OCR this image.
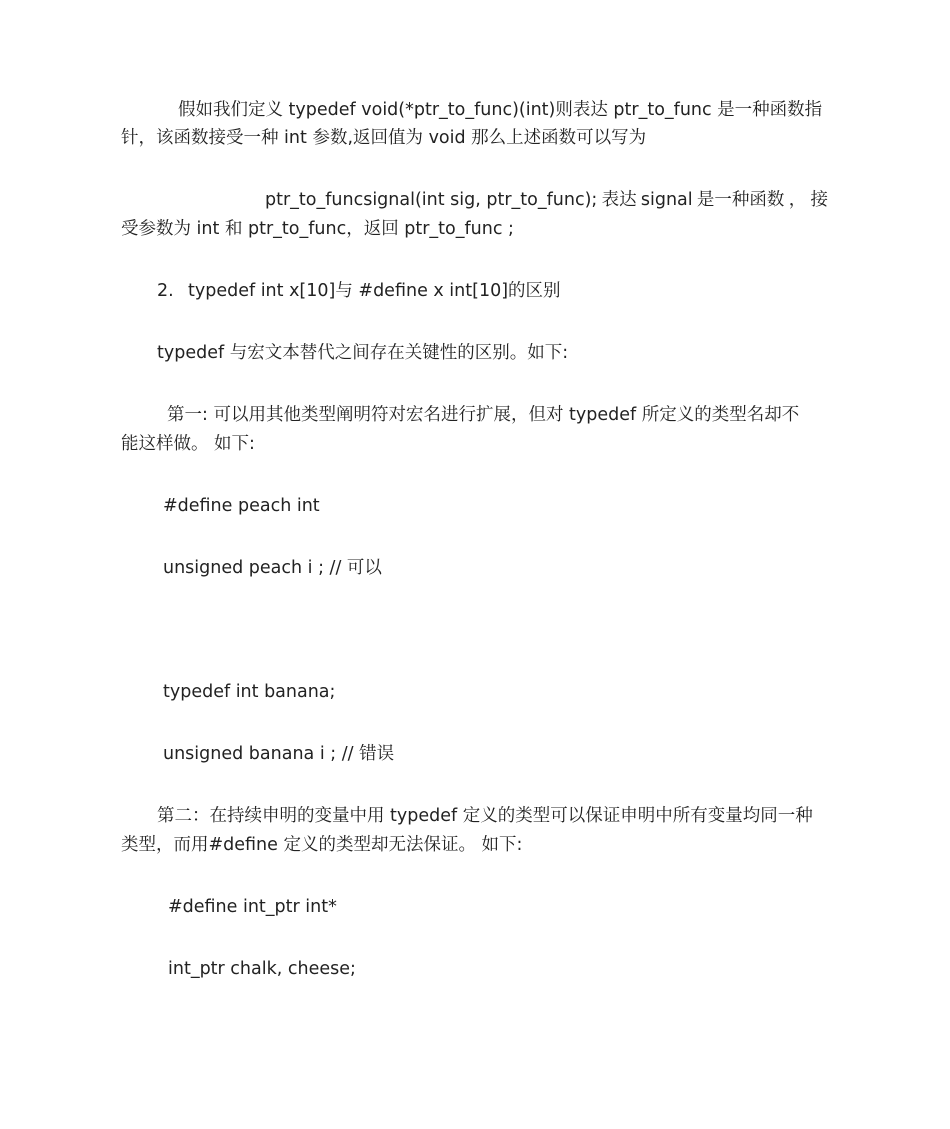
假如我们定义 typedef void(*ptr_to_func)(int)则表达 ptr_to_func 是一种函数指
针，该函数接受一种 int 参数,返回值为 void 那么上述函数可以写为
ptr_to_funcsignal(int sig, ptr_to_func); 表达 signal 是一种函数 ， 接
受参数为 int 和 ptr_to_func，返回 ptr_to_func ;
2. typedef int x[10]与 #define x int[10]的区别
typedef 与宏文本替代之间存在关键性的区别。如下:
第一: 可以用其他类型阐明符对宏名进行扩展，但对 typedef 所定义的类型名却不
能这样做。 如下:
#define peach int
unsigned peach i ; // 可以
typedef int banana;
unsigned banana i ; // 错误
第二：在持续申明的变量中用 typedef 定义的类型可以保证申明中所有变量均同一种
类型，而用#define 定义的类型却无法保证。 如下:
#define int_ptr int*
int_ptr chalk, cheese;
